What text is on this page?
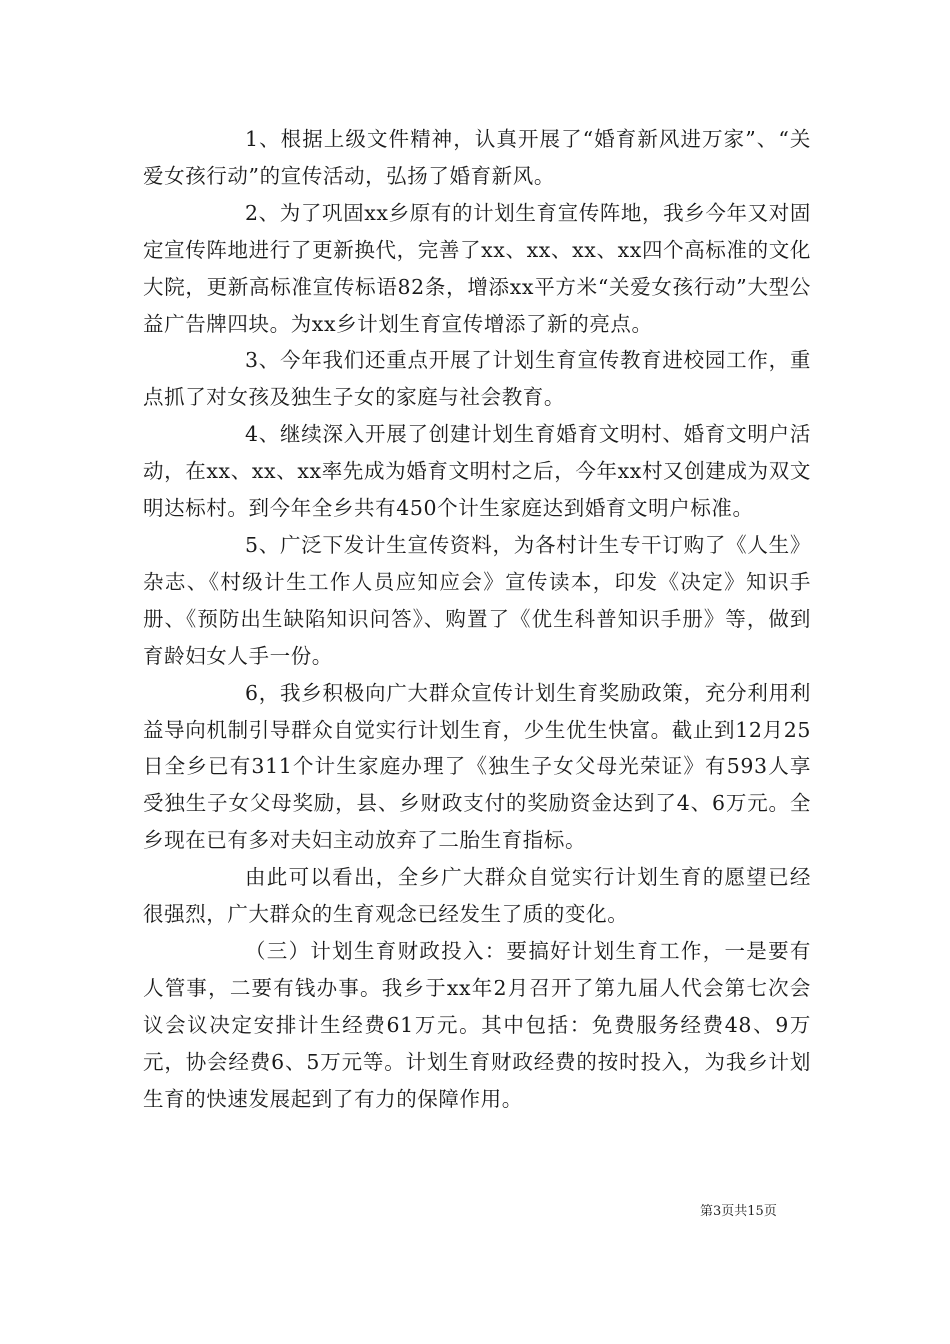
1、根据上级文件精神，认真开展了“婚育新风进万家”、“关爱女孩行动”的宣传活动，弘扬了婚育新风。

2、为了巩固xx乡原有的计划生育宣传阵地，我乡今年又对固定宣传阵地进行了更新换代，完善了xx、xx、xx、xx四个高标准的文化大院，更新高标准宣传标语82条，增添xx平方米“关爱女孩行动”大型公益广告牌四块。为xx乡计划生育宣传增添了新的亮点。

3、今年我们还重点开展了计划生育宣传教育进校园工作，重点抓了对女孩及独生子女的家庭与社会教育。

4、继续深入开展了创建计划生育婚育文明村、婚育文明户活动，在xx、xx、xx率先成为婚育文明村之后，今年xx村又创建成为双文明达标村。到今年全乡共有450个计生家庭达到婚育文明户标准。

5、广泛下发计生宣传资料，为各村计生专干订购了《人生》杂志、《村级计生工作人员应知应会》宣传读本，印发《决定》知识手册、《预防出生缺陷知识问答》、购置了《优生科普知识手册》等，做到育龄妇女人手一份。

6，我乡积极向广大群众宣传计划生育奖励政策，充分利用利益导向机制引导群众自觉实行计划生育，少生优生快富。截止到12月25日全乡已有311个计生家庭办理了《独生子女父母光荣证》有593人享受独生子女父母奖励，县、乡财政支付的奖励资金达到了4、6万元。全乡现在已有多对夫妇主动放弃了二胎生育指标。

由此可以看出，全乡广大群众自觉实行计划生育的愿望已经很强烈，广大群众的生育观念已经发生了质的变化。

（三）计划生育财政投入：要搞好计划生育工作，一是要有人管事，二要有钱办事。我乡于xx年2月召开了第九届人代会第七次会议会议决定安排计生经费61万元。其中包括：免费服务经费48、9万元，协会经费6、5万元等。计划生育财政经费的按时投入，为我乡计划生育的快速发展起到了有力的保障作用。

第3页共15页
